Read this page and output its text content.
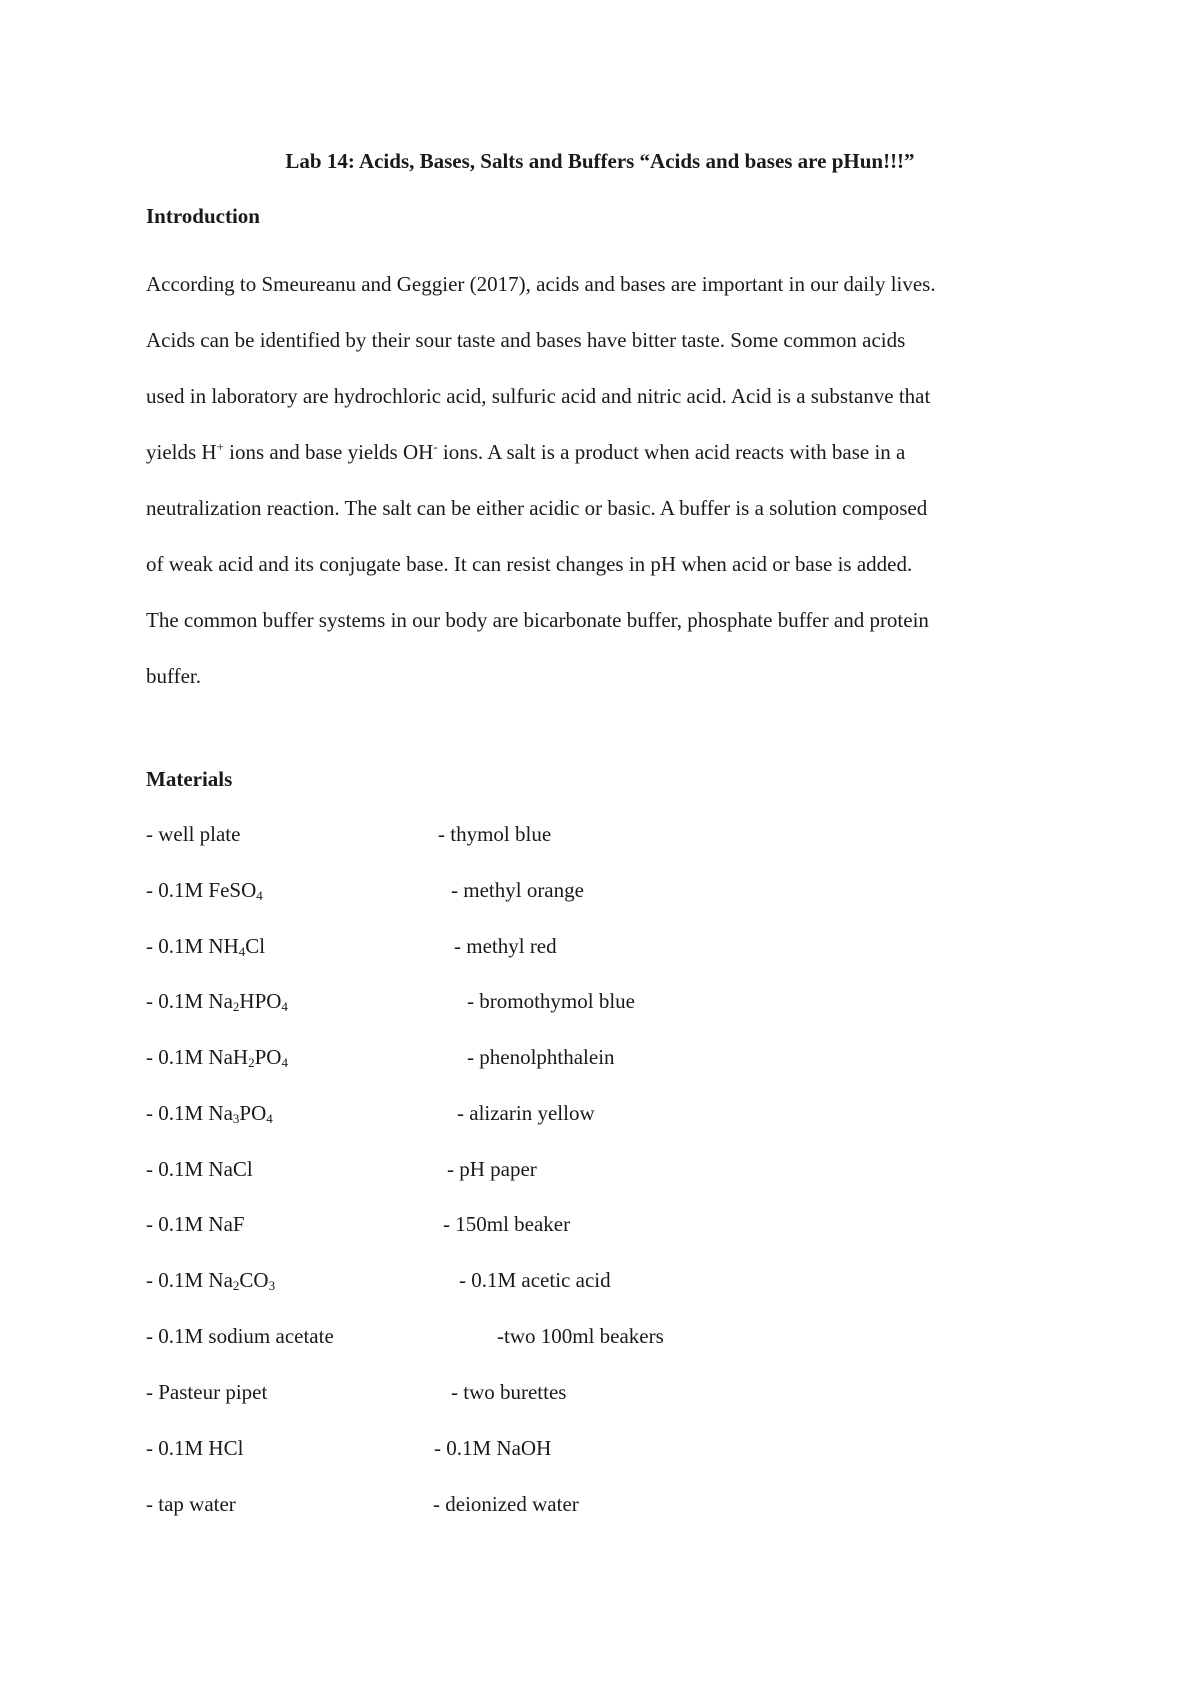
Lab 14: Acids, Bases, Salts and Buffers “Acids and bases are pHun!!!”
Introduction
According to Smeureanu and Geggier (2017), acids and bases are important in our daily lives.
Acids can be identified by their sour taste and bases have bitter taste. Some common acids
used in laboratory are hydrochloric acid, sulfuric acid and nitric acid. Acid is a substanve that
yields H+ ions and base yields OH- ions. A salt is a product when acid reacts with base in a
neutralization reaction. The salt can be either acidic or basic. A buffer is a solution composed
of weak acid and its conjugate base. It can resist changes in pH when acid or base is added.
The common buffer systems in our body are bicarbonate buffer, phosphate buffer and protein
buffer.
Materials
- well plate
- 0.1M FeSO$_4$
- 0.1M $NH_4Cl$
- 0.1M $Na_2HPO_4$
- 0.1M $NaH_2PO_4$
- 0.1M $Na_3PO_4$
- 0.1M NaCl
- 0.1M NaF
- 0.1M $Na_2CO_3$
- 0.1M sodium acetate
- Pasteur pipet
- 0.1M HCl
- tap water
- thymol blue
- methyl orange
- methyl red
- bromothymol blue
- phenolphthalein
- alizarin yellow
- pH paper
- 150ml beaker
- 0.1M acetic acid
-two 100ml beakers
- two burettes
- 0.1M NaOH
- deionized water
